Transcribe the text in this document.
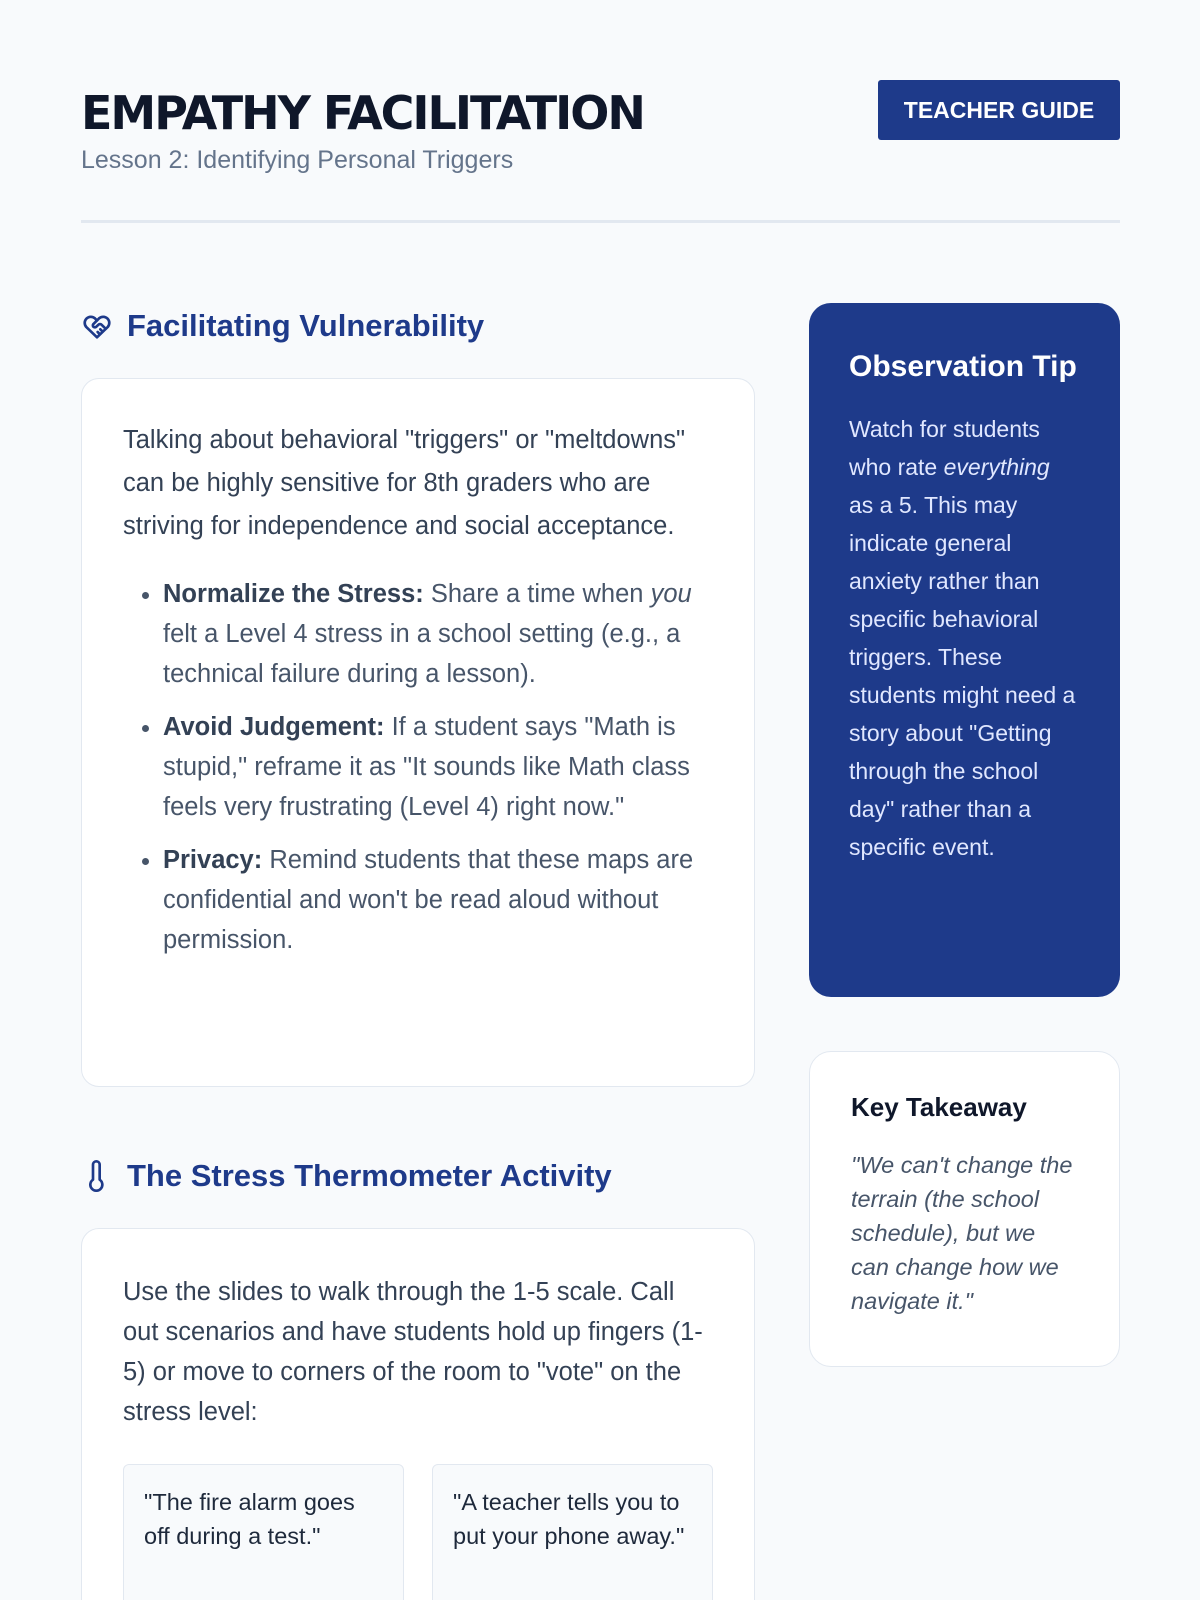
EMPATHY FACILITATION
Lesson 2: Identifying Personal Triggers
TEACHER GUIDE
Facilitating Vulnerability

Talking about behavioral "triggers" or "meltdowns" can be highly sensitive for 8th graders who are striving for independence and social acceptance.

• Normalize the Stress: Share a time when you felt a Level 4 stress in a school setting (e.g., a technical failure during a lesson).
• Avoid Judgement: If a student says "Math is stupid," reframe it as "It sounds like Math class feels very frustrating (Level 4) right now."
• Privacy: Remind students that these maps are confidential and won't be read aloud without permission.
The Stress Thermometer Activity

Use the slides to walk through the 1-5 scale. Call out scenarios and have students hold up fingers (1-5) or move to corners of the room to "vote" on the stress level:

"The fire alarm goes off during a test."
"A teacher tells you to put your phone away."
Observation Tip

Watch for students who rate everything as a 5. This may indicate general anxiety rather than specific behavioral triggers. These students might need a story about "Getting through the school day" rather than a specific event.

Key Takeaway

"We can't change the terrain (the school schedule), but we can change how we navigate it."
